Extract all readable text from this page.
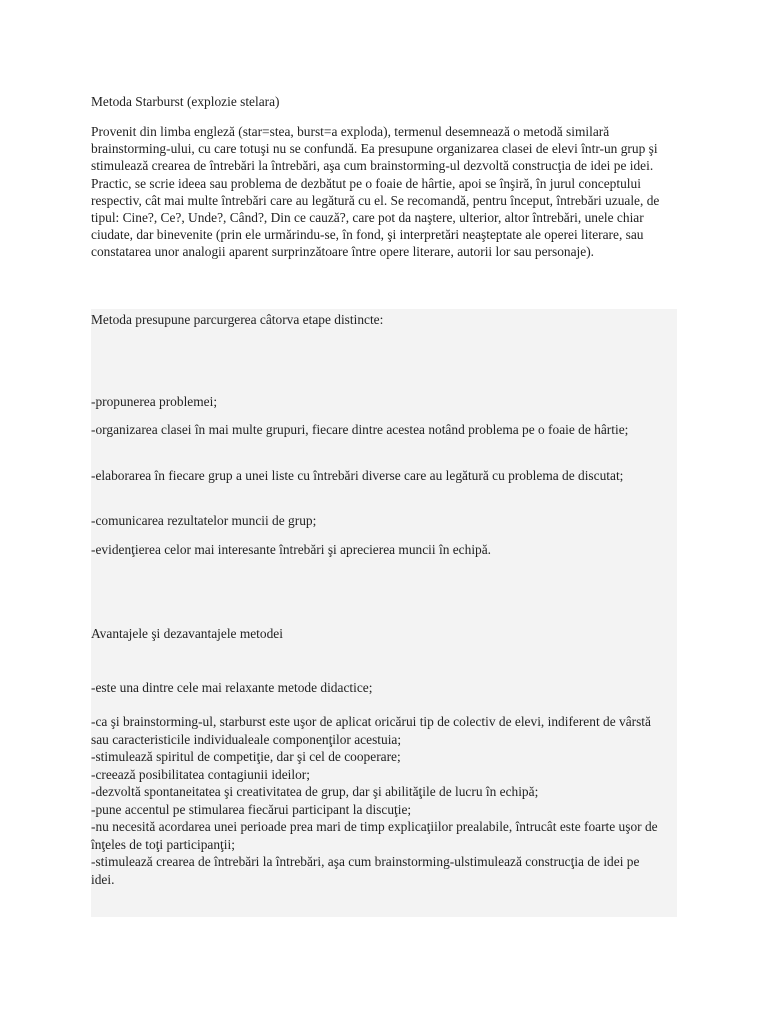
Metoda Starburst (explozie stelara)

Provenit din limba engleză (star=stea, burst=a exploda), termenul desemnează o metodă similară brainstorming-ului, cu care totuşi nu se confundă. Ea presupune organizarea clasei de elevi într-un grup şi stimulează crearea de întrebări la întrebări, aşa cum brainstorming-ul dezvoltă construcţia de idei pe idei.

Practic, se scrie ideea sau problema de dezbătut pe o foaie de hârtie, apoi se înşiră, în jurul conceptului respectiv, cât mai multe întrebări care au legătură cu el. Se recomandă, pentru început, întrebări uzuale, de tipul: Cine?, Ce?, Unde?, Când?, Din ce cauză?, care pot da naştere, ulterior, altor întrebări, unele chiar ciudate, dar binevenite (prin ele urmărindu-se, în fond, şi interpretări neaşteptate ale operei literare, sau constatarea unor analogii aparent surprinzătoare între opere literare, autorii lor sau personaje).

Metoda presupune parcurgerea câtorva etape distincte:

-propunerea problemei;

-organizarea clasei în mai multe grupuri, fiecare dintre acestea notând problema pe o foaie de hârtie;

-elaborarea în fiecare grup a unei liste cu întrebări diverse care au legătură cu problema de discutat;

-comunicarea rezultatelor muncii de grup;

-evidenţierea celor mai interesante întrebări şi aprecierea muncii în echipă.

Avantajele şi dezavantajele metodei

-este una dintre cele mai relaxante metode didactice;

-ca şi brainstorming-ul, starburst este uşor de aplicat oricărui tip de colectiv de elevi, indiferent de vârstă sau caracteristicile individualeale componenţilor acestuia;

-stimulează spiritul de competiţie, dar şi cel de cooperare;

-creează posibilitatea contagiunii ideilor;

-dezvoltă spontaneitatea şi creativitatea de grup, dar şi abilităţile de lucru în echipă;

-pune accentul pe stimularea fiecărui participant la discuţie;

-nu necesită acordarea unei perioade prea mari de timp explicaţiilor prealabile, întrucât este foarte uşor de înţeles de toţi participanţii;

-stimulează crearea de întrebări la întrebări, aşa cum brainstorming-ulstimulează construcţia de idei pe idei.
